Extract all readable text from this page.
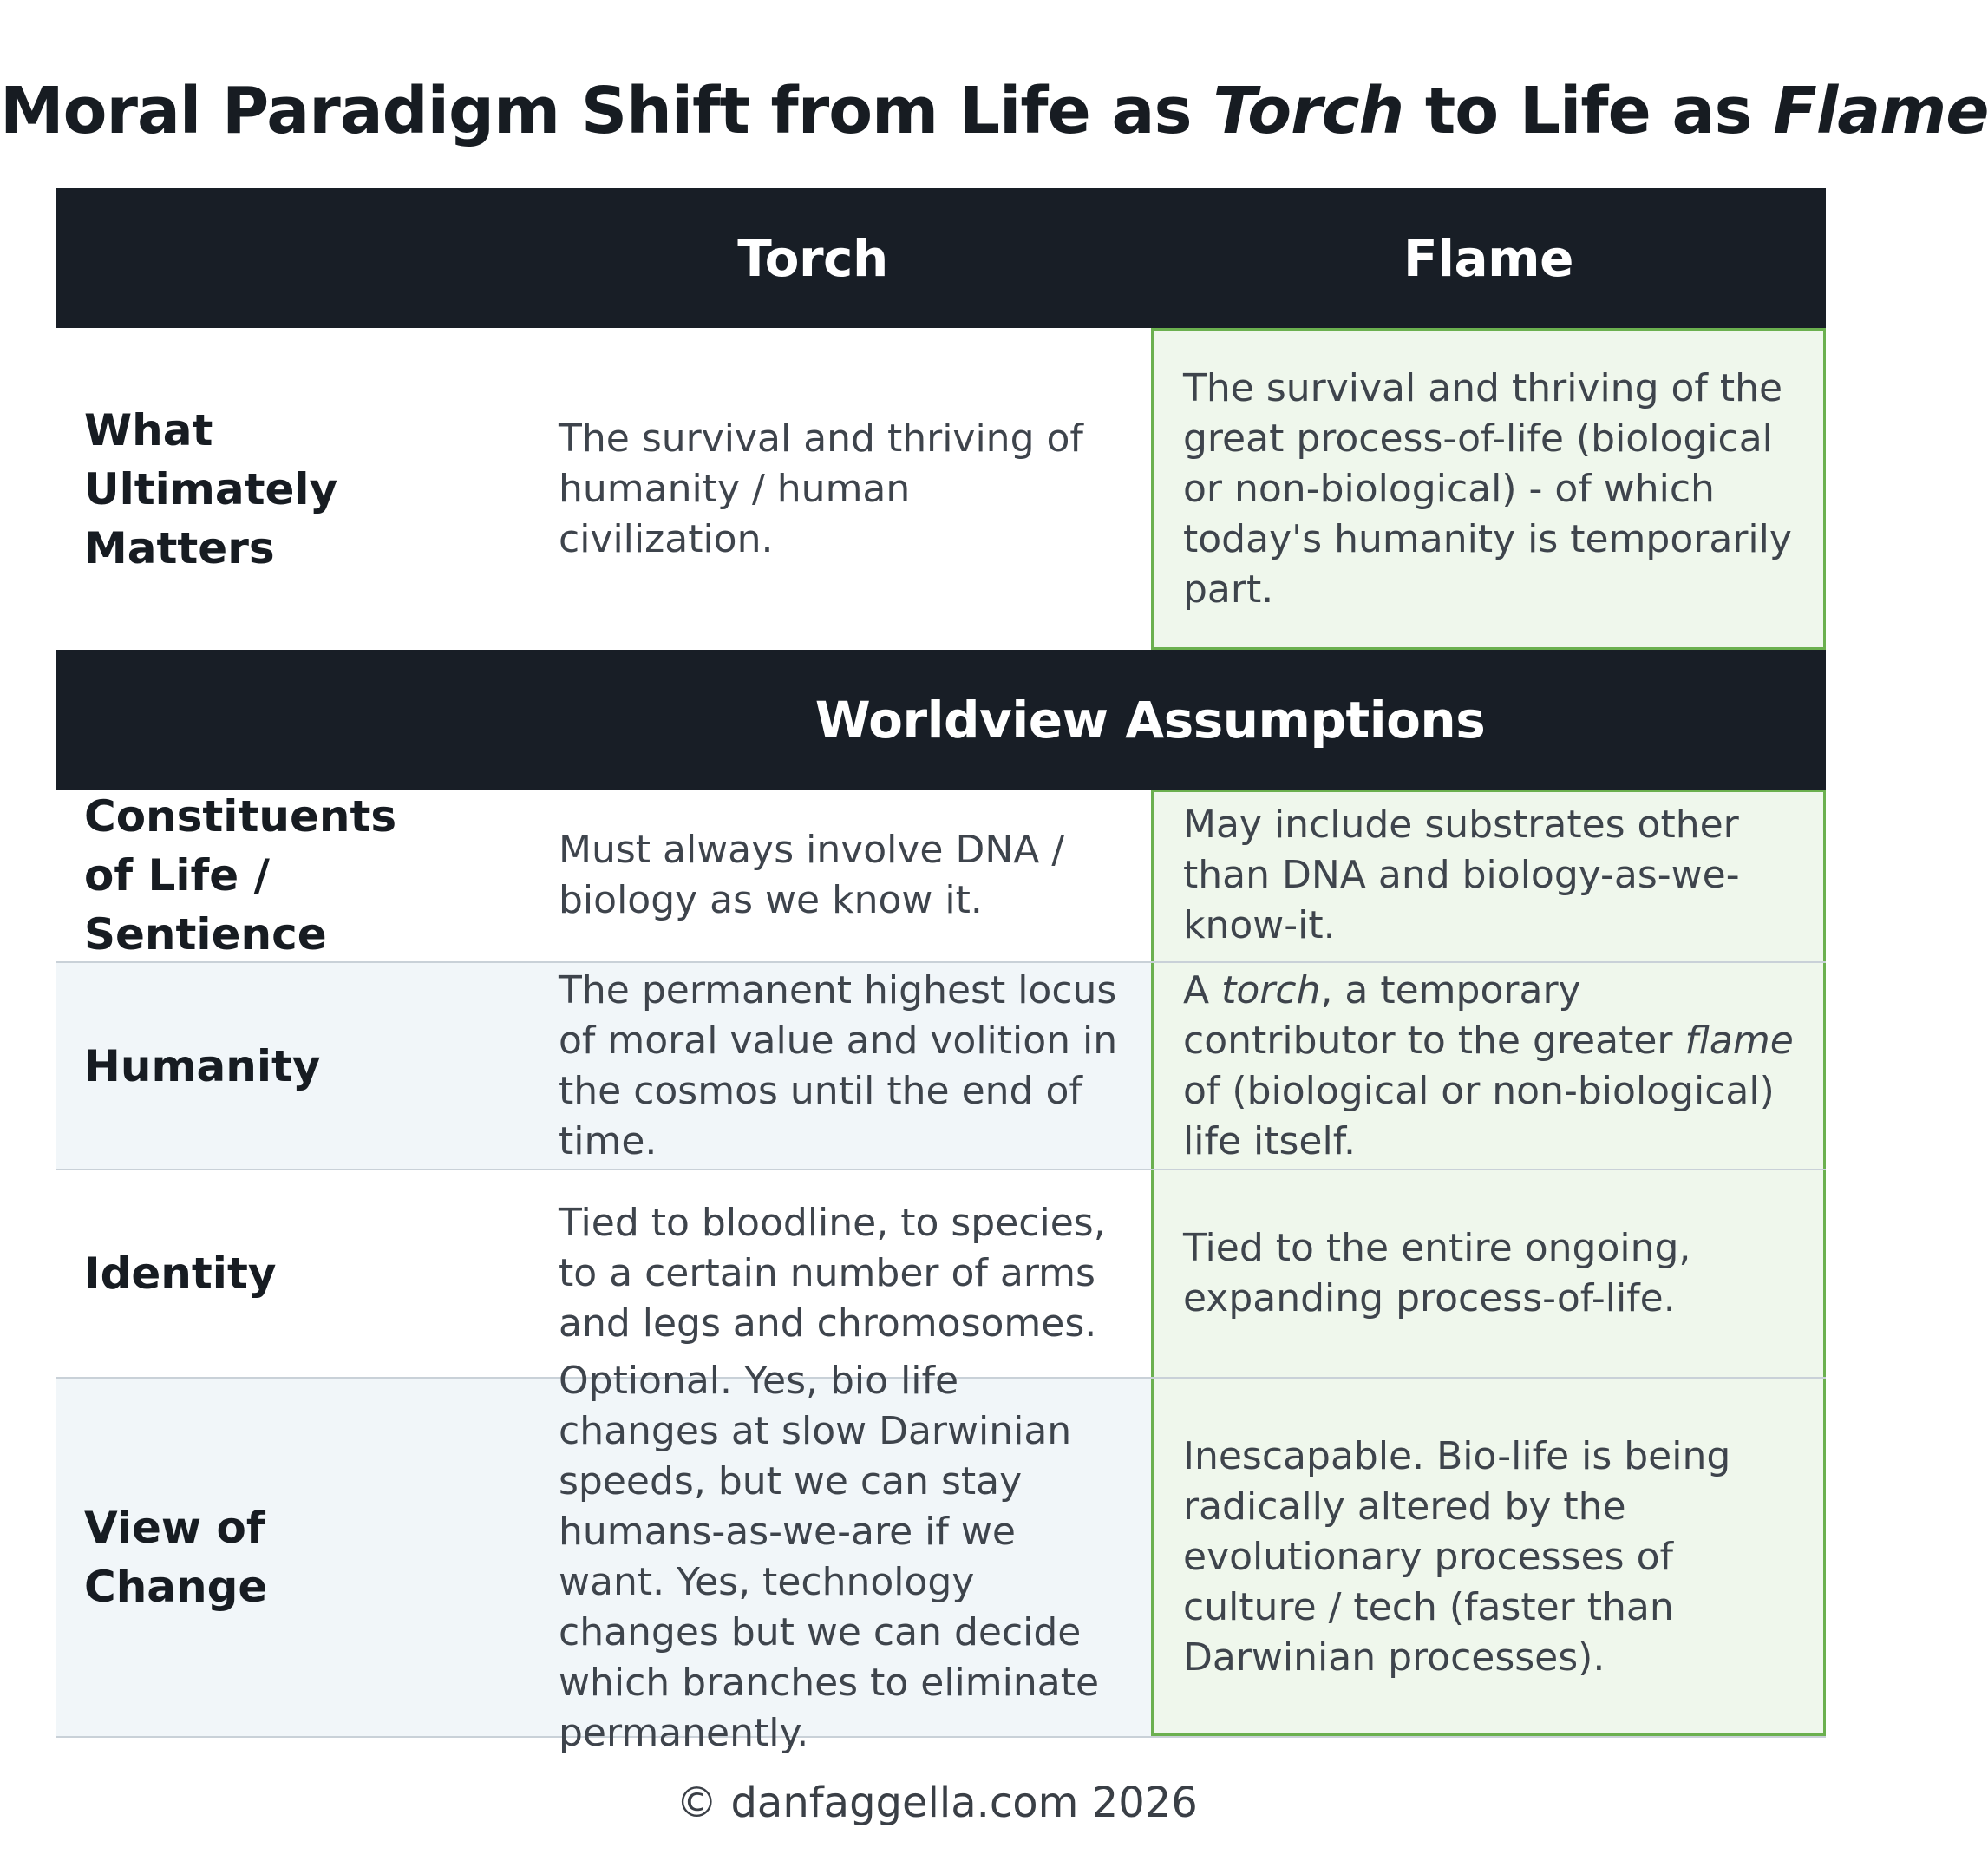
Moral Paradigm Shift from Life as Torch to Life as Flame
Torch	Flame
What Ultimately Matters
The survival and thriving of humanity / human civilization.
The survival and thriving of the great process-of-life (biological or non-biological) - of which today's humanity is temporarily part.
Worldview Assumptions
Constituents of Life / Sentience
Must always involve DNA / biology as we know it.
May include substrates other than DNA and biology-as-we-know-it.
Humanity
The permanent highest locus of moral value and volition in the cosmos until the end of time.
A torch, a temporary contributor to the greater flame of (biological or non-biological) life itself.
Identity
Tied to bloodline, to species, to a certain number of arms and legs and chromosomes.
Tied to the entire ongoing, expanding process-of-life.
View of Change
Optional. Yes, bio life changes at slow Darwinian speeds, but we can stay humans-as-we-are if we want. Yes, technology changes but we can decide which branches to eliminate permanently.
Inescapable. Bio-life is being radically altered by the evolutionary processes of culture / tech (faster than Darwinian processes).
© danfaggella.com 2026
